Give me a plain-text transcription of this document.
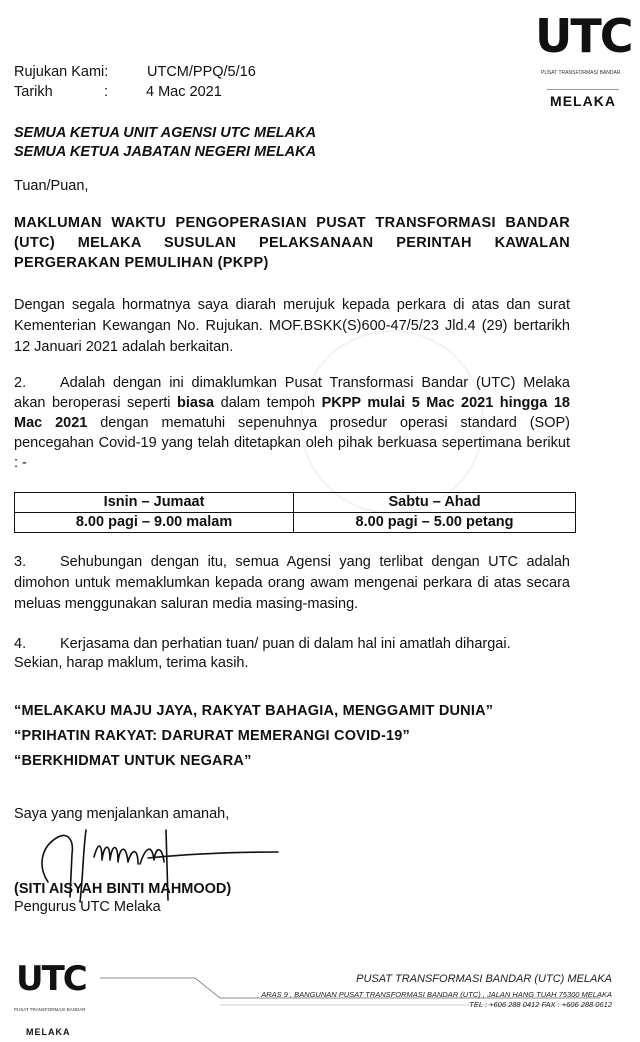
UTC
PUSAT TRANSFORMASI BANDAR
MELAKA
Rujukan Kami:	UTCM/PPQ/5/16
Tarikh	:	4 Mac 2021
SEMUA KETUA UNIT AGENSI UTC MELAKA
SEMUA KETUA JABATAN NEGERI MELAKA
Tuan/Puan,
MAKLUMAN WAKTU PENGOPERASIAN PUSAT TRANSFORMASI BANDAR (UTC) MELAKA SUSULAN PELAKSANAAN PERINTAH KAWALAN PERGERAKAN PEMULIHAN (PKPP)
Dengan segala hormatnya saya diarah merujuk kepada perkara di atas dan surat Kementerian Kewangan No. Rujukan. MOF.BSKK(S)600-47/5/23 Jld.4 (29) bertarikh 12 Januari 2021 adalah berkaitan.
2. Adalah dengan ini dimaklumkan Pusat Transformasi Bandar (UTC) Melaka akan beroperasi seperti biasa dalam tempoh PKPP mulai 5 Mac 2021 hingga 18 Mac 2021 dengan mematuhi sepenuhnya prosedur operasi standard (SOP) pencegahan Covid-19 yang telah ditetapkan oleh pihak berkuasa sepertimana berikut : -
Isnin – Jumaat	Sabtu – Ahad
8.00 pagi – 9.00 malam	8.00 pagi – 5.00 petang
3. Sehubungan dengan itu, semua Agensi yang terlibat dengan UTC adalah dimohon untuk memaklumkan kepada orang awam mengenai perkara di atas secara meluas menggunakan saluran media masing-masing.
4. Kerjasama dan perhatian tuan/ puan di dalam hal ini amatlah dihargai.
Sekian, harap maklum, terima kasih.
“MELAKAKU MAJU JAYA, RAKYAT BAHAGIA, MENGGAMIT DUNIA”
“PRIHATIN RAKYAT: DARURAT MEMERANGI COVID-19”
“BERKHIDMAT UNTUK NEGARA”
Saya yang menjalankan amanah,
(SITI AISYAH BINTI MAHMOOD)
Pengurus UTC Melaka
UTC
PUSAT TRANSFORMASI BANDAR
MELAKA
PUSAT TRANSFORMASI BANDAR (UTC) MELAKA
ARAS 9 , BANGUNAN PUSAT TRANSFORMASI BANDAR (UTC) , JALAN HANG TUAH 75300 MELAKA
TEL : +606 288 0412 FAX : +606 288 0612
